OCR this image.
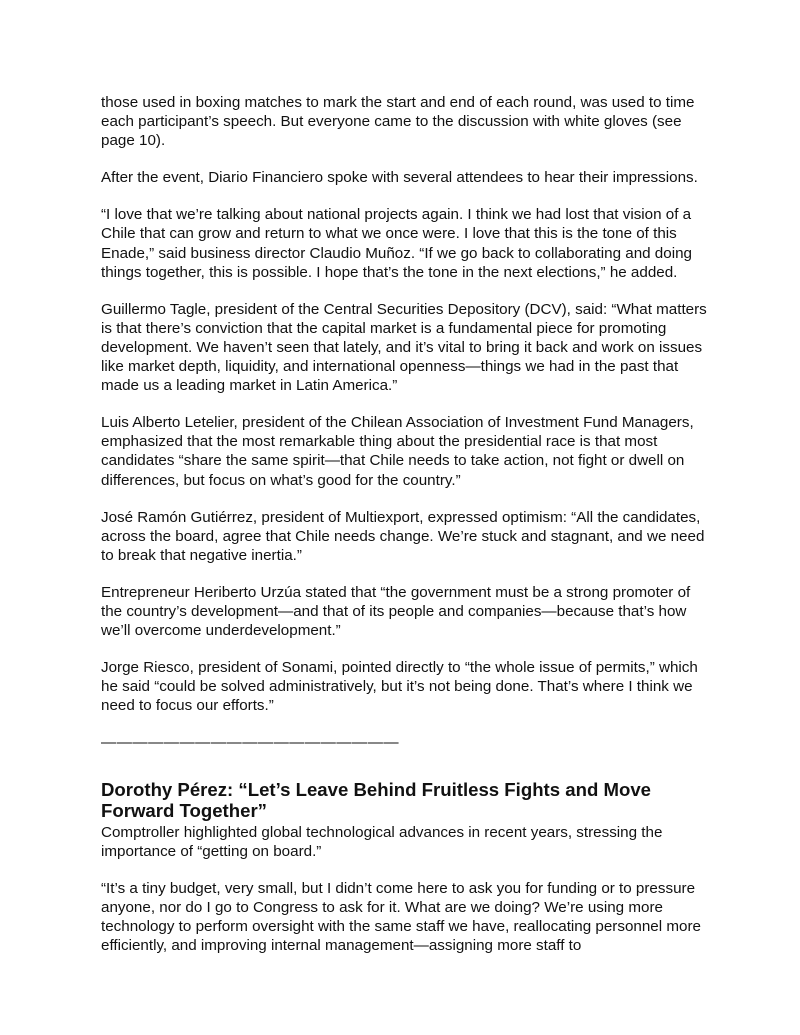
those used in boxing matches to mark the start and end of each round, was used to time each participant’s speech. But everyone came to the discussion with white gloves (see page 10).

After the event, Diario Financiero spoke with several attendees to hear their impressions.

“I love that we’re talking about national projects again. I think we had lost that vision of a Chile that can grow and return to what we once were. I love that this is the tone of this Enade,” said business director Claudio Muñoz. “If we go back to collaborating and doing things together, this is possible. I hope that’s the tone in the next elections,” he added.

Guillermo Tagle, president of the Central Securities Depository (DCV), said: “What matters is that there’s conviction that the capital market is a fundamental piece for promoting development. We haven’t seen that lately, and it’s vital to bring it back and work on issues like market depth, liquidity, and international openness—things we had in the past that made us a leading market in Latin America.”

Luis Alberto Letelier, president of the Chilean Association of Investment Fund Managers, emphasized that the most remarkable thing about the presidential race is that most candidates “share the same spirit—that Chile needs to take action, not fight or dwell on differences, but focus on what’s good for the country.”

José Ramón Gutiérrez, president of Multiexport, expressed optimism: “All the candidates, across the board, agree that Chile needs change. We’re stuck and stagnant, and we need to break that negative inertia.”

Entrepreneur Heriberto Urzúa stated that “the government must be a strong promoter of the country’s development—and that of its people and companies—because that’s how we’ll overcome underdevelopment.”

Jorge Riesco, president of Sonami, pointed directly to “the whole issue of permits,” which he said “could be solved administratively, but it’s not being done. That’s where I think we need to focus our efforts.”

———————————————————
Dorothy Pérez: “Let’s Leave Behind Fruitless Fights and Move Forward Together”

Comptroller highlighted global technological advances in recent years, stressing the importance of “getting on board.”

“It’s a tiny budget, very small, but I didn’t come here to ask you for funding or to pressure anyone, nor do I go to Congress to ask for it. What are we doing? We’re using more technology to perform oversight with the same staff we have, reallocating personnel more efficiently, and improving internal management—assigning more staff to
